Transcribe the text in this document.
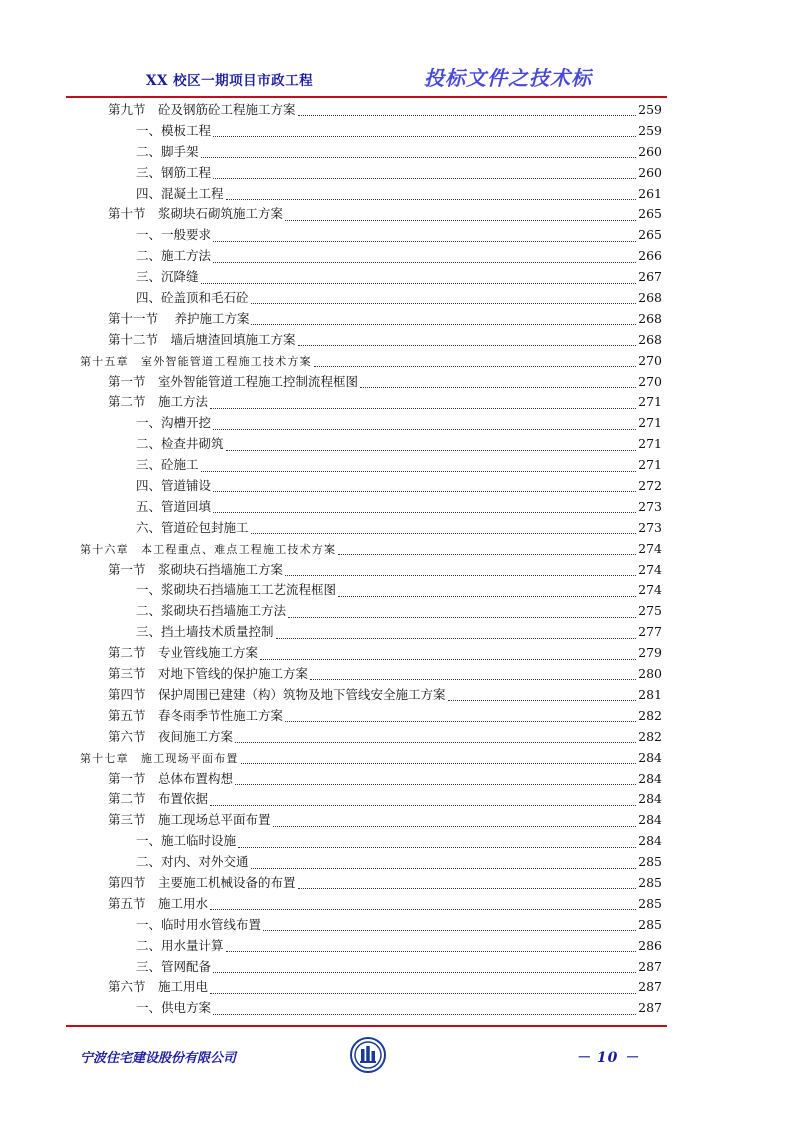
XX 校区一期项目市政工程	投标文件之技术标
第九节　砼及钢筋砼工程施工方案	259
一、模板工程	259
二、脚手架	260
三、钢筋工程	260
四、混凝土工程	261
第十节　浆砌块石砌筑施工方案	265
一、一般要求	265
二、施工方法	266
三、沉降缝	267
四、砼盖顶和毛石砼	268
第十一节　 养护施工方案	268
第十二节　墙后塘渣回填施工方案	268
第十五章　室外智能管道工程施工技术方案	270
第一节　室外智能管道工程施工控制流程框图	270
第二节　施工方法	271
一、沟槽开挖	271
二、检查井砌筑	271
三、砼施工	271
四、管道铺设	272
五、管道回填	273
六、管道砼包封施工	273
第十六章　本工程重点、难点工程施工技术方案	274
第一节　浆砌块石挡墙施工方案	274
一、浆砌块石挡墙施工工艺流程框图	274
二、浆砌块石挡墙施工方法	275
三、挡土墙技术质量控制	277
第二节　专业管线施工方案	279
第三节　对地下管线的保护施工方案	280
第四节　保护周围已建建（构）筑物及地下管线安全施工方案	281
第五节　春冬雨季节性施工方案	282
第六节　夜间施工方案	282
第十七章　施工现场平面布置	284
第一节　总体布置构想	284
第二节　布置依据	284
第三节　施工现场总平面布置	284
一、施工临时设施	284
二、对内、对外交通	285
第四节　主要施工机械设备的布置	285
第五节　施工用水	285
一、临时用水管线布置	285
二、用水量计算	286
三、管网配备	287
第六节　施工用电	287
一、供电方案	287
宁波住宅建设股份有限公司	－ 10 －
